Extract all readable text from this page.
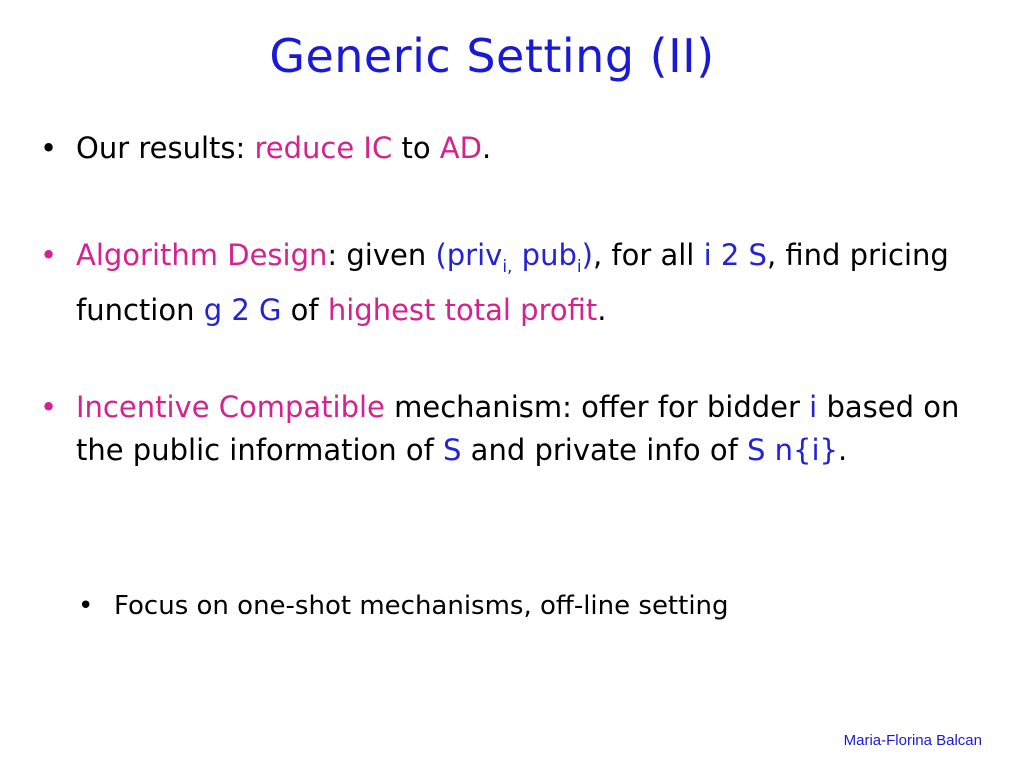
Generic Setting (II)
• Our results: reduce IC to AD.
• Algorithm Design: given (priv$_{i,}$ pub$_i$), for all i 2 S, find pricing function g 2 G of highest total profit.
• Incentive Compatible mechanism: offer for bidder i based on the public information of S and private info of S n{i}.
• Focus on one-shot mechanisms, off-line setting
Maria-Florina Balcan
